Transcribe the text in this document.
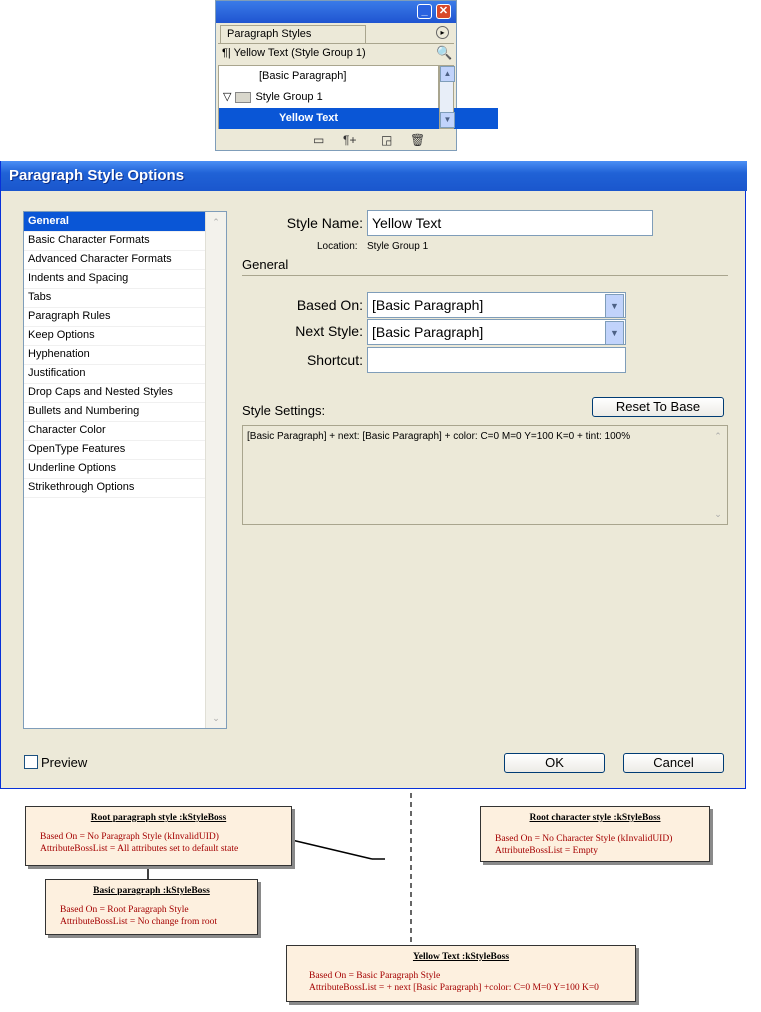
_	✕
Paragraph Styles	▸
¶| Yellow Text (Style Group 1)	🔍
[Basic Paragraph]
▽ Style Group 1
Yellow Text
▲
▼
▭ ¶+ ◲ 🗑
Paragraph Style Options
General
Basic Character Formats
Advanced Character Formats
Indents and Spacing
Tabs
Paragraph Rules
Keep Options
Hyphenation
Justification
Drop Caps and Nested Styles
Bullets and Numbering
Character Color
OpenType Features
Underline Options
Strikethrough Options
⌃
⌄
Style Name: Yellow Text
Location: Style Group 1
General
Based On: [Basic Paragraph]	▼
Next Style: [Basic Paragraph]	▼
Shortcut:
Style Settings:	Reset To Base
[Basic Paragraph] + next: [Basic Paragraph] + color: C=0 M=0 Y=100 K=0 + tint: 100%	⌃
⌄
Preview	OK	Cancel
Root paragraph style :kStyleBoss
Based On = No Paragraph Style (kInvalidUID)
AttributeBossList = All attributes set to default state
Root character style :kStyleBoss
Based On = No Character Style (kInvalidUID)
AttributeBossList = Empty
Basic paragraph :kStyleBoss
Based On = Root Paragraph Style
AttributeBossList = No change from root
Yellow Text :kStyleBoss
Based On = Basic Paragraph Style
AttributeBossList = + next [Basic Paragraph] +color: C=0 M=0 Y=100 K=0
